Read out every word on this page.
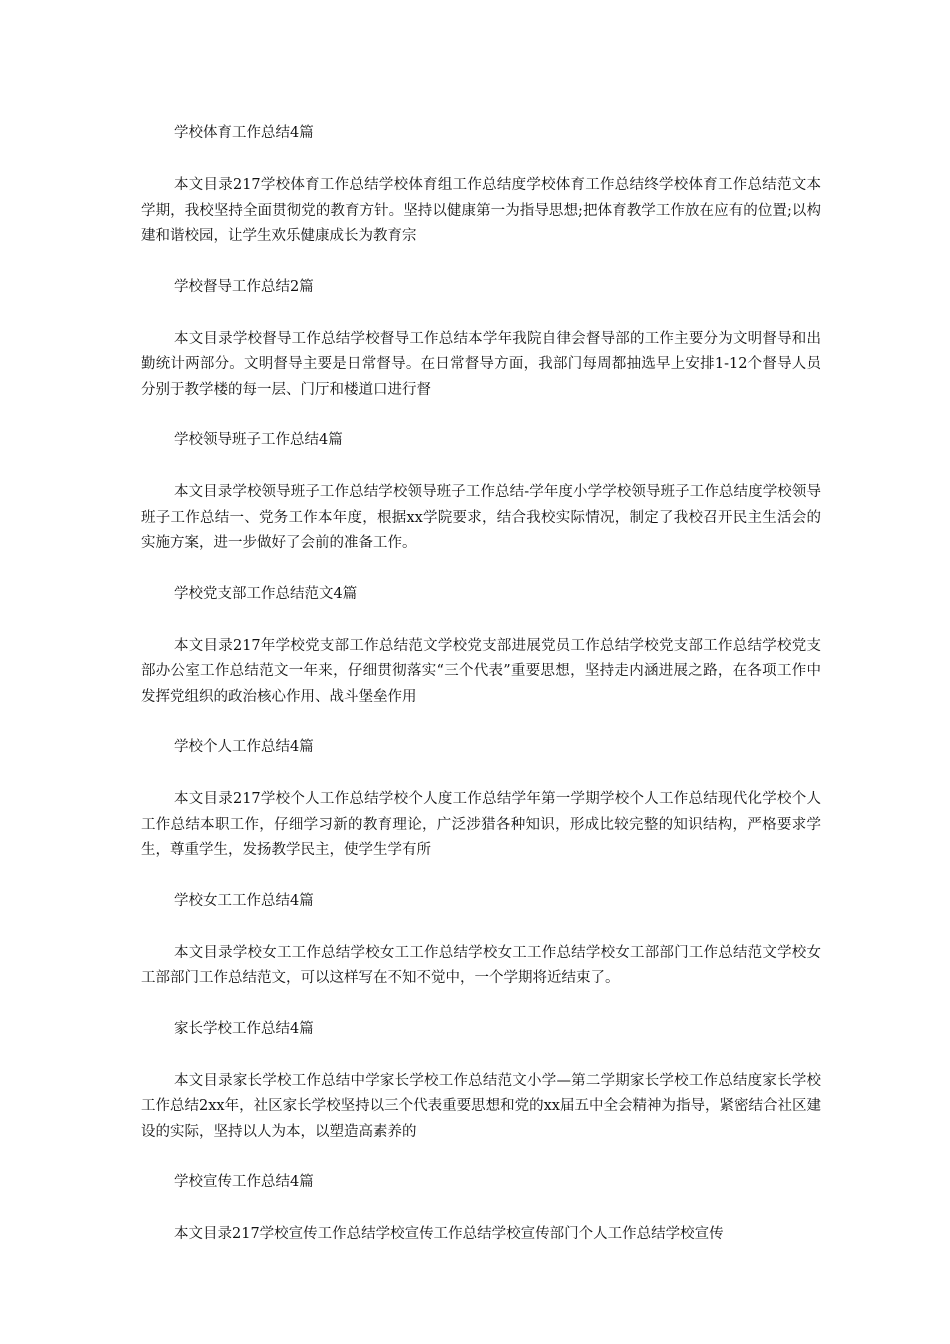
学校体育工作总结4篇

本文目录217学校体育工作总结学校体育组工作总结度学校体育工作总结终学校体育工作总结范文本学期，我校坚持全面贯彻党的教育方针。坚持以健康第一为指导思想;把体育教学工作放在应有的位置;以构建和谐校园，让学生欢乐健康成长为教育宗

学校督导工作总结2篇

本文目录学校督导工作总结学校督导工作总结本学年我院自律会督导部的工作主要分为文明督导和出勤统计两部分。文明督导主要是日常督导。在日常督导方面，我部门每周都抽选早上安排1-12个督导人员分别于教学楼的每一层、门厅和楼道口进行督

学校领导班子工作总结4篇

本文目录学校领导班子工作总结学校领导班子工作总结-学年度小学学校领导班子工作总结度学校领导班子工作总结一、党务工作本年度，根据xx学院要求，结合我校实际情况，制定了我校召开民主生活会的实施方案，进一步做好了会前的准备工作。

学校党支部工作总结范文4篇

本文目录217年学校党支部工作总结范文学校党支部进展党员工作总结学校党支部工作总结学校党支部办公室工作总结范文一年来，仔细贯彻落实“三个代表”重要思想，坚持走内涵进展之路，在各项工作中发挥党组织的政治核心作用、战斗堡垒作用

学校个人工作总结4篇

本文目录217学校个人工作总结学校个人度工作总结学年第一学期学校个人工作总结现代化学校个人工作总结本职工作，仔细学习新的教育理论，广泛涉猎各种知识，形成比较完整的知识结构，严格要求学生，尊重学生，发扬教学民主，使学生学有所

学校女工工作总结4篇

本文目录学校女工工作总结学校女工工作总结学校女工工作总结学校女工部部门工作总结范文学校女工部部门工作总结范文，可以这样写在不知不觉中，一个学期将近结束了。

家长学校工作总结4篇

本文目录家长学校工作总结中学家长学校工作总结范文小学—第二学期家长学校工作总结度家长学校工作总结2xx年，社区家长学校坚持以三个代表重要思想和党的xx届五中全会精神为指导，紧密结合社区建设的实际，坚持以人为本，以塑造高素养的

学校宣传工作总结4篇

本文目录217学校宣传工作总结学校宣传工作总结学校宣传部门个人工作总结学校宣传
